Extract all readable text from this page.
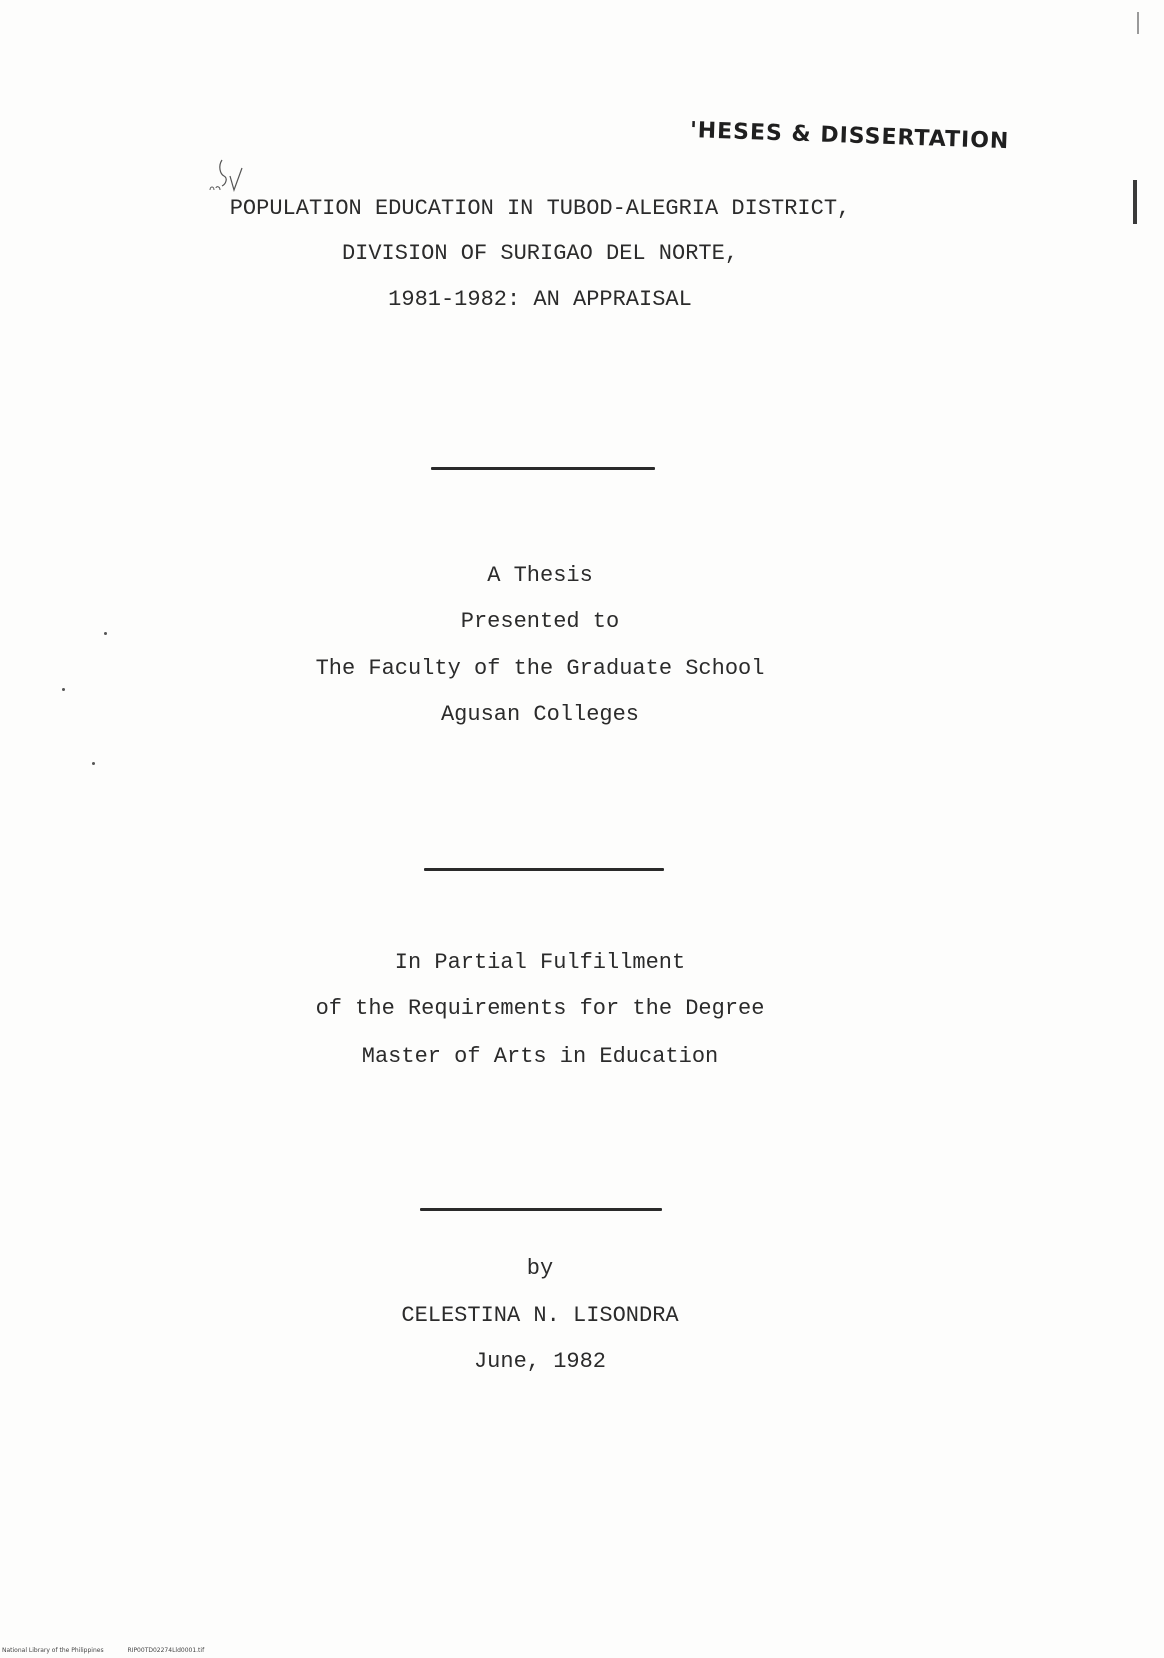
'HESES & DISSERTATION
POPULATION EDUCATION IN TUBOD-ALEGRIA DISTRICT,
DIVISION OF SURIGAO DEL NORTE,
1981-1982: AN APPRAISAL
A Thesis
Presented to
The Faculty of the Graduate School
Agusan Colleges
In Partial Fulfillment
of the Requirements for the Degree
Master of Arts in Education
by
CELESTINA N. LISONDRA
June, 1982
National Library of the Philippines	RIP00TD02274Lld0001.tif
